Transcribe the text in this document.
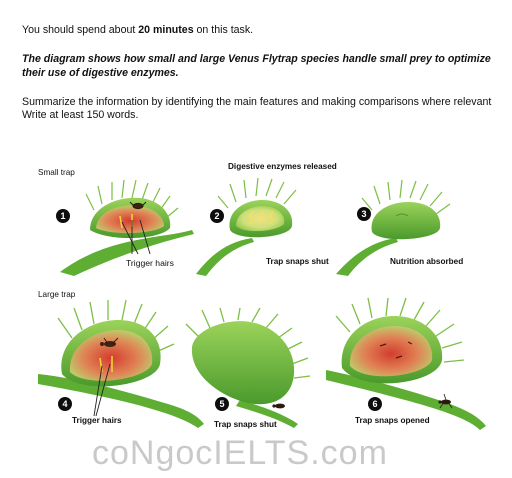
You should spend about 20 minutes on this task.
The diagram shows how small and large Venus Flytrap species handle small prey to optimize their use of digestive enzymes.
Summarize the information by identifying the main features and making comparisons where relevant
Write at least 150 words.
Small trap
Digestive enzymes released
Large trap
1	2	3
4	5	6
Trigger hairs	Trap snaps shut	Nutrition absorbed
Trigger hairs	Trap snaps shut	Trap snaps opened
coNgocIELTS.com
